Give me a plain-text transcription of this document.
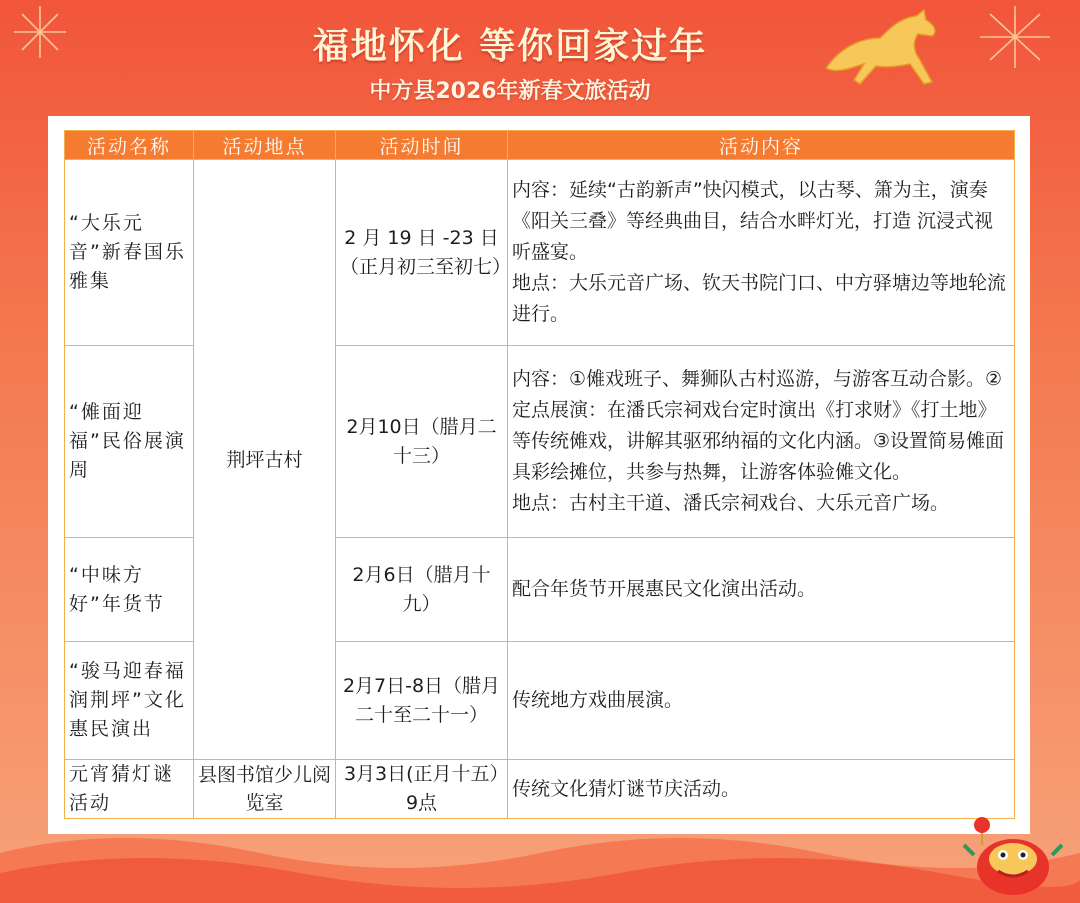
福地怀化 等你回家过年
中方县2026年新春文旅活动
活动名称	活动地点	活动时间	活动内容
“大乐元音”新春国乐雅集	荆坪古村	2 月 19 日 -23 日（正月初三至初七）	内容：延续“古韵新声”快闪模式，以古琴、箫为主，演奏《阳关三叠》等经典曲目，结合水畔灯光，打造 沉浸式视听盛宴。
地点：大乐元音广场、钦天书院门口、中方驿塘边等地轮流进行。

“傩面迎福”民俗展演周		2月10日（腊月二十三）	内容：①傩戏班子、舞狮队古村巡游，与游客互动合影。②定点展演：在潘氏宗祠戏台定时演出《打求财》《打土地》等传统傩戏，讲解其驱邪纳福的文化内涵。③设置简易傩面具彩绘摊位，共参与热舞，让游客体验傩文化。
地点：古村主干道、潘氏宗祠戏台、大乐元音广场。

“中味方好”年货节		2月6日（腊月十九）	配合年货节开展惠民文化演出活动。

“骏马迎春福润荆坪”文化惠民演出		2月7日-8日（腊月二十至二十一）	传统地方戏曲展演。

元宵猜灯谜活动	县图书馆少儿阅览室	3月3日(正月十五）9点	传统文化猜灯谜节庆活动。
